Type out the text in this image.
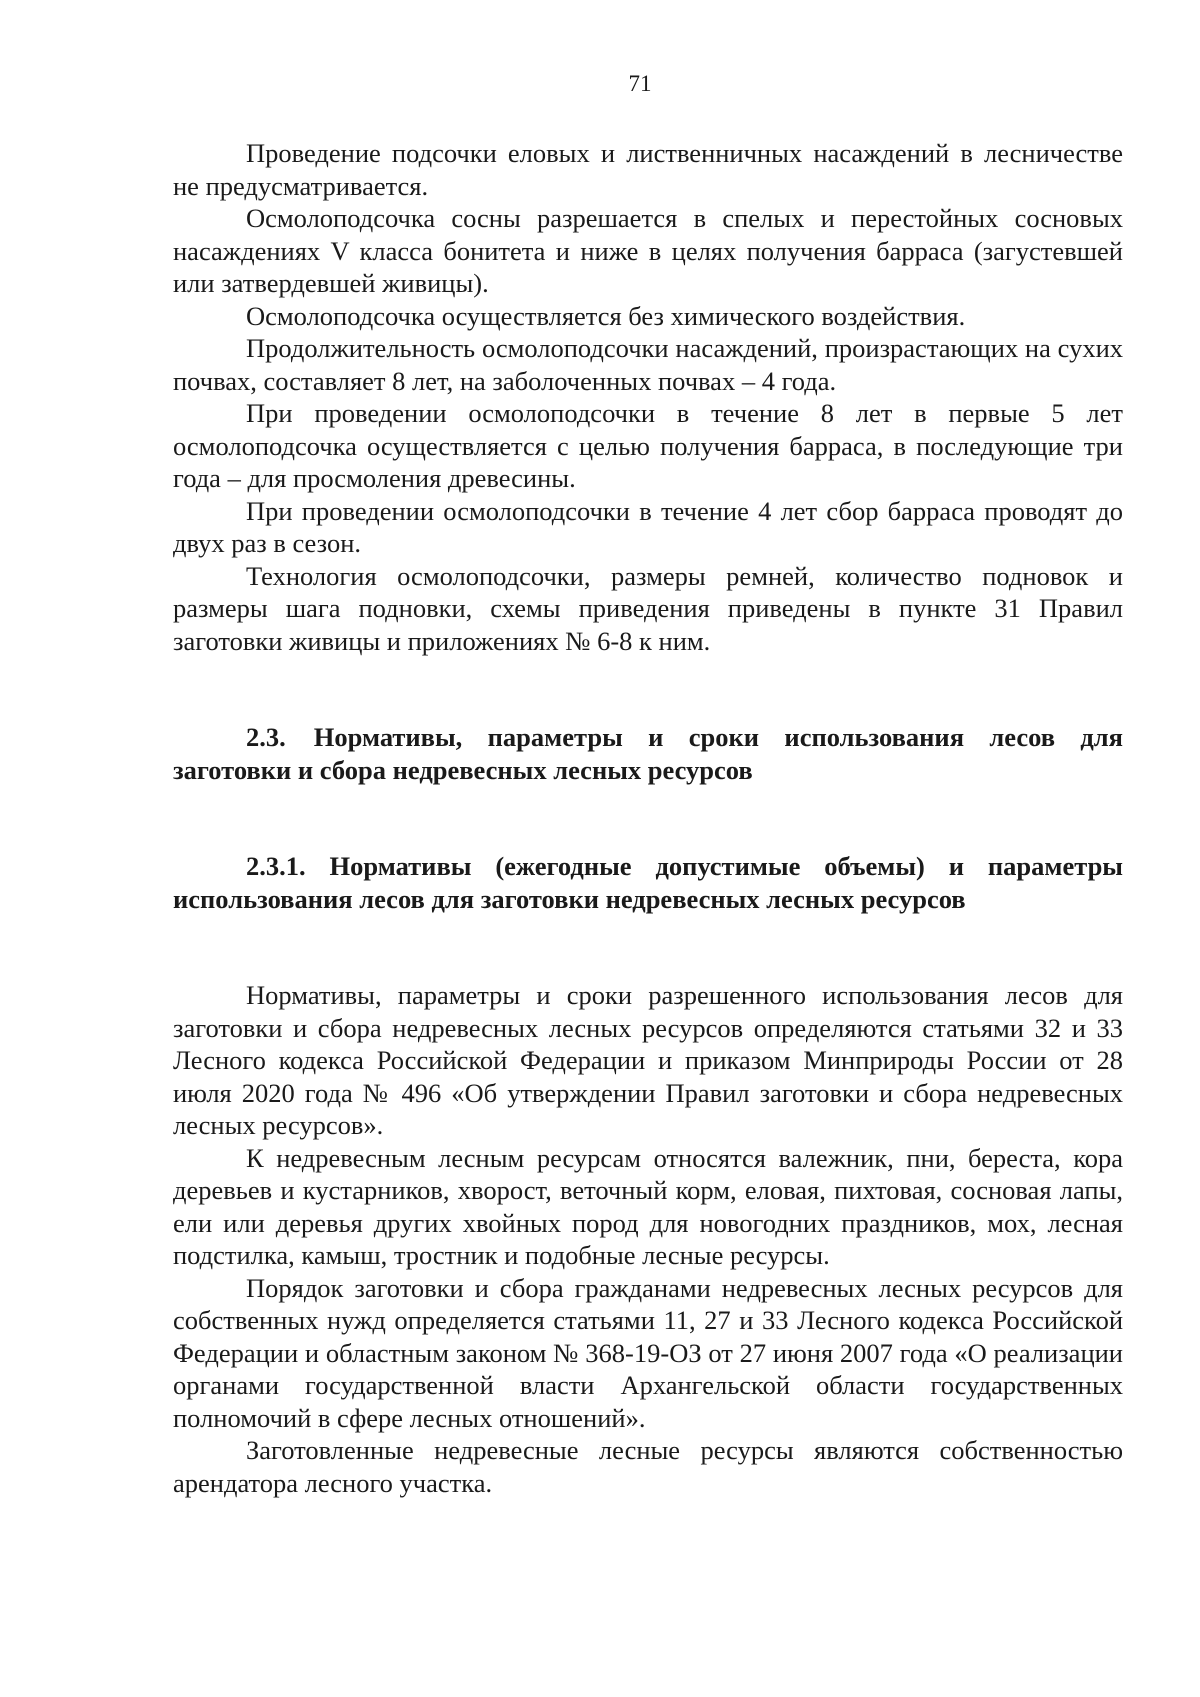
71

Проведение подсочки еловых и лиственничных насаждений в лесничестве не предусматривается.

Осмолоподсочка сосны разрешается в спелых и перестойных сосновых насаждениях V класса бонитета и ниже в целях получения барраса (загустевшей или затвердевшей живицы).

Осмолоподсочка осуществляется без химического воздействия.

Продолжительность осмолоподсочки насаждений, произрастающих на сухих почвах, составляет 8 лет, на заболоченных почвах – 4 года.

При проведении осмолоподсочки в течение 8 лет в первые 5 лет осмолоподсочка осуществляется с целью получения барраса, в последующие три года – для просмоления древесины.

При проведении осмолоподсочки в течение 4 лет сбор барраса проводят до двух раз в сезон.

Технология осмолоподсочки, размеры ремней, количество подновок и размеры шага подновки, схемы приведения приведены в пункте 31 Правил заготовки живицы и приложениях № 6-8 к ним.

2.3. Нормативы, параметры и сроки использования лесов для заготовки и сбора недревесных лесных ресурсов

2.3.1. Нормативы (ежегодные допустимые объемы) и параметры использования лесов для заготовки недревесных лесных ресурсов

Нормативы, параметры и сроки разрешенного использования лесов для заготовки и сбора недревесных лесных ресурсов определяются статьями 32 и 33 Лесного кодекса Российской Федерации и приказом Минприроды России от 28 июля 2020 года № 496 «Об утверждении Правил заготовки и сбора недревесных лесных ресурсов».

К недревесным лесным ресурсам относятся валежник, пни, береста, кора деревьев и кустарников, хворост, веточный корм, еловая, пихтовая, сосновая лапы, ели или деревья других хвойных пород для новогодних праздников, мох, лесная подстилка, камыш, тростник и подобные лесные ресурсы.

Порядок заготовки и сбора гражданами недревесных лесных ресурсов для собственных нужд определяется статьями 11, 27 и 33 Лесного кодекса Российской Федерации и областным законом № 368-19-ОЗ от 27 июня 2007 года «О реализации органами государственной власти Архангельской области государственных полномочий в сфере лесных отношений».

Заготовленные недревесные лесные ресурсы являются собственностью арендатора лесного участка.
